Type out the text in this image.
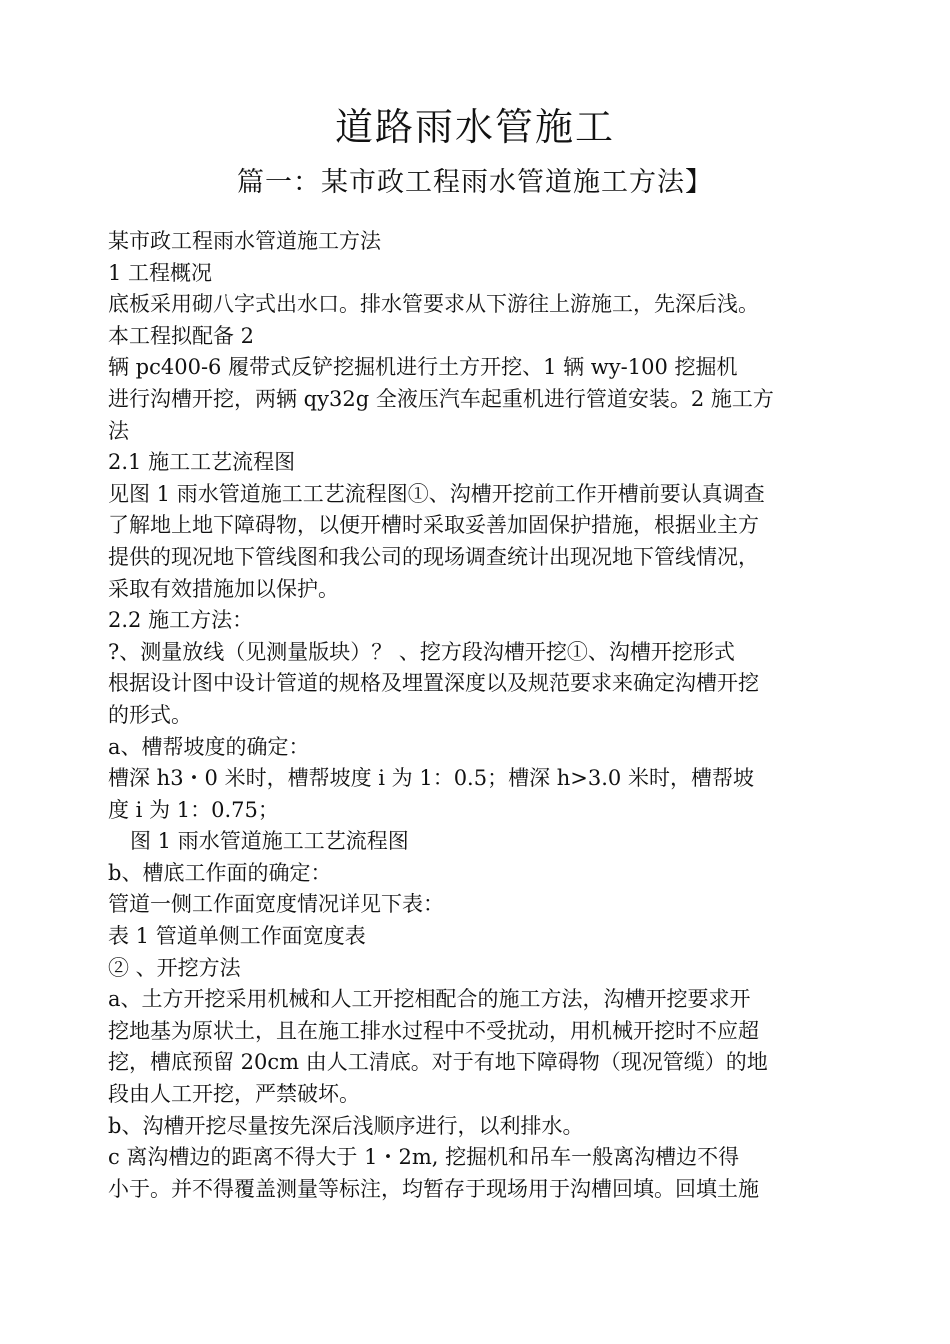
道路雨水管施工
篇一：某市政工程雨水管道施工方法】
某市政工程雨水管道施工方法
1 工程概况
底板采用砌八字式出水口。排水管要求从下游往上游施工，先深后浅。
本工程拟配备 2
辆 pc400-6 履带式反铲挖掘机进行土方开挖、1 辆 wy-100 挖掘机
进行沟槽开挖，两辆 qy32g 全液压汽车起重机进行管道安装。2 施工方
法
2.1 施工工艺流程图
见图 1 雨水管道施工工艺流程图①、沟槽开挖前工作开槽前要认真调查
了解地上地下障碍物，以便开槽时采取妥善加固保护措施，根据业主方
提供的现况地下管线图和我公司的现场调查统计出现况地下管线情况，
采取有效措施加以保护。
2.2 施工方法：
?、测量放线（见测量版块）？ 、挖方段沟槽开挖①、沟槽开挖形式
根据设计图中设计管道的规格及埋置深度以及规范要求来确定沟槽开挖
的形式。
a、槽帮坡度的确定：
槽深 h3・0 米时，槽帮坡度 i 为 1：0.5；槽深 h>3.0 米时，槽帮坡
度 i 为 1：0.75；
图 1 雨水管道施工工艺流程图
b、槽底工作面的确定：
管道一侧工作面宽度情况详见下表：
表 1 管道单侧工作面宽度表
② 、开挖方法
a、土方开挖采用机械和人工开挖相配合的施工方法，沟槽开挖要求开
挖地基为原状土，且在施工排水过程中不受扰动，用机械开挖时不应超
挖，槽底预留 20cm 由人工清底。对于有地下障碍物（现况管缆）的地
段由人工开挖，严禁破坏。
b、沟槽开挖尽量按先深后浅顺序进行，以利排水。
c 离沟槽边的距离不得大于 1・2m, 挖掘机和吊车一般离沟槽边不得
小于。并不得覆盖测量等标注，均暂存于现场用于沟槽回填。回填土施
